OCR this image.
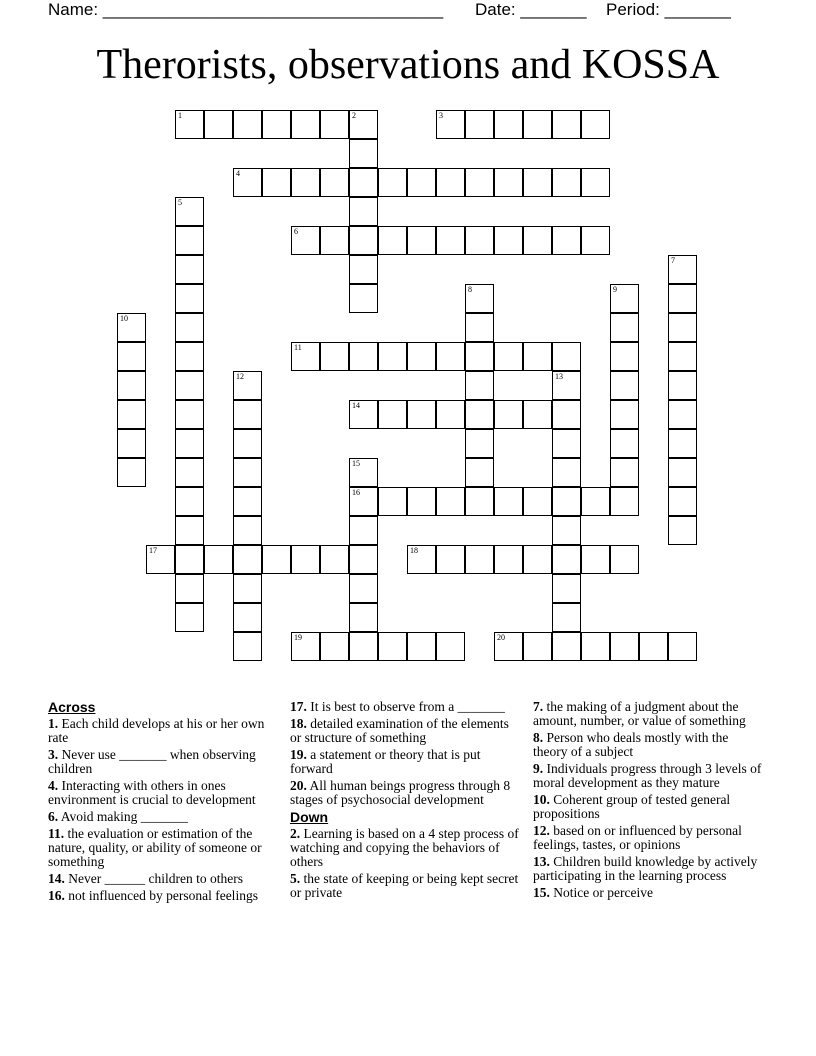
Name: ____________________________________ Date: _______ Period: _______
Therorists, observations and KOSSA
1	3
4
6
11
14
16
17	18
19	20
2
5
7
8	9
10
12	13
15
Across
1. Each child develops at his or her own rate
3. Never use _______ when observing children
4. Interacting with others in ones environment is crucial to development
6. Avoid making _______
11. the evaluation or estimation of the nature, quality, or ability of someone or something
14. Never ______ children to others
16. not influenced by personal feelings
17. It is best to observe from a _______
18. detailed examination of the elements or structure of something
19. a statement or theory that is put forward
20. All human beings progress through 8 stages of psychosocial development
Down
2. Learning is based on a 4 step process of watching and copying the behaviors of others
5. the state of keeping or being kept secret or private
7. the making of a judgment about the amount, number, or value of something
8. Person who deals mostly with the theory of a subject
9. Individuals progress through 3 levels of moral development as they mature
10. Coherent group of tested general propositions
12. based on or influenced by personal feelings, tastes, or opinions
13. Children build knowledge by actively participating in the learning process
15. Notice or perceive
